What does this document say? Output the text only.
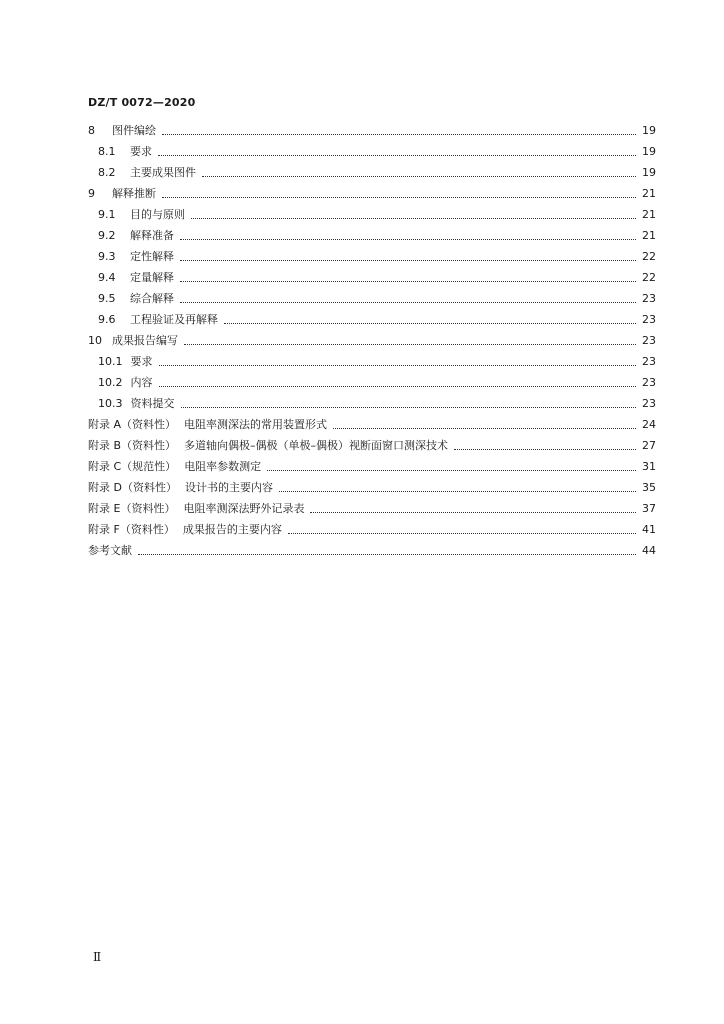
DZ/T 0072—2020
8	图件编绘	19
8.1	要求	19
8.2	主要成果图件	19
9	解释推断	21
9.1	目的与原则	21
9.2	解释准备	21
9.3	定性解释	22
9.4	定量解释	22
9.5	综合解释	23
9.6	工程验证及再解释	23
10 成果报告编写	23
10.1 要求	23
10.2 内容	23
10.3 资料提交	23
附录 A（资料性） 电阻率测深法的常用装置形式	24
附录 B（资料性） 多道轴向偶极–偶极（单极–偶极）视断面窗口测深技术	27
附录 C（规范性） 电阻率参数测定	31
附录 D（资料性） 设计书的主要内容	35
附录 E（资料性） 电阻率测深法野外记录表	37
附录 F（资料性） 成果报告的主要内容	41
参考文献	44
Ⅱ
